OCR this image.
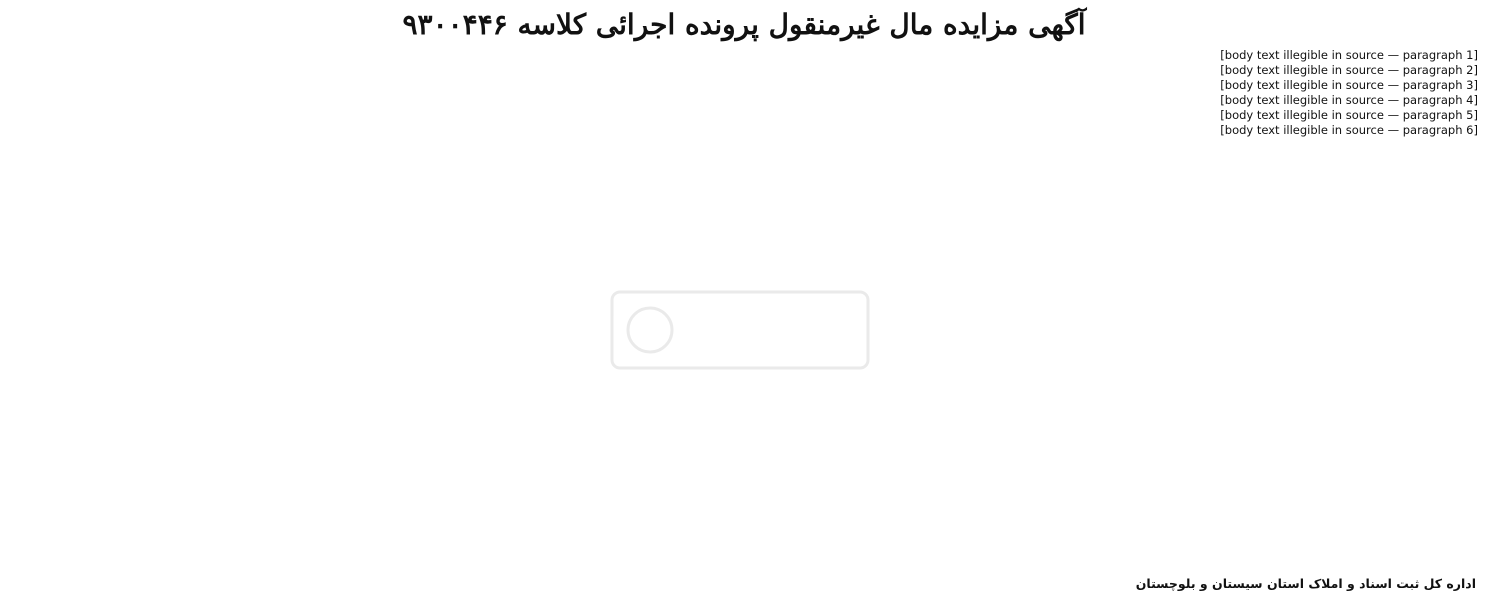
آگهی مزایده مال غیرمنقول پرونده اجرائی کلاسه ۹۳۰۰۴۴۶

[body text illegible in source — paragraph 1]

[body text illegible in source — paragraph 2]

[body text illegible in source — paragraph 3]

[body text illegible in source — paragraph 4]

[body text illegible in source — paragraph 5]

[body text illegible in source — paragraph 6]

اداره کل ثبت اسناد و املاک استان سیستان و بلوچستان
